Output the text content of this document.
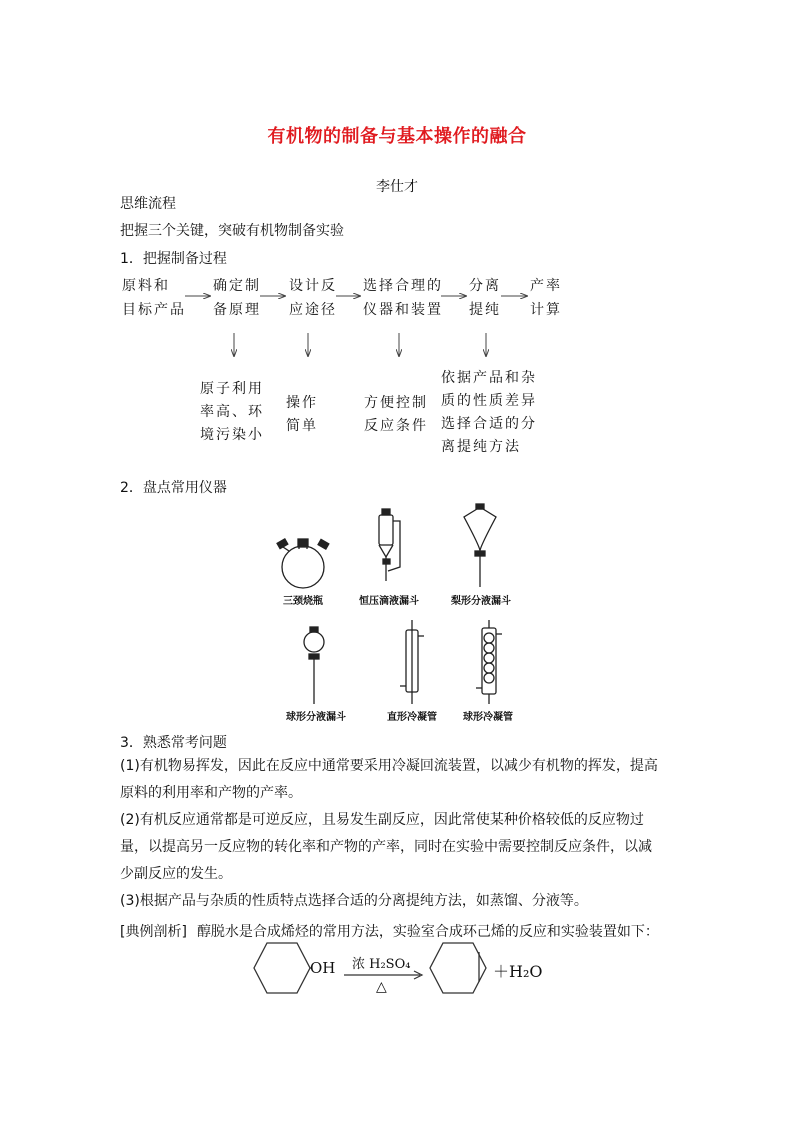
有机物的制备与基本操作的融合
李仕才
思维流程
把握三个关键，突破有机物制备实验
1．把握制备过程
原料和
目标产品
确定制
备原理
设计反
应途径
选择合理的
仪器和装置
分离
提纯
产率
计算
原子利用
率高、环
境污染小
操作
简单
方便控制
反应条件
依据产品和杂
质的性质差异
选择合适的分
离提纯方法
2．盘点常用仪器
三颈烧瓶	恒压滴液漏斗	梨形分液漏斗
球形分液漏斗	直形冷凝管	球形冷凝管
3．熟悉常考问题
(1)有机物易挥发，因此在反应中通常要采用冷凝回流装置，以减少有机物的挥发，提高原料的利用率和产物的产率。
(2)有机反应通常都是可逆反应，且易发生副反应，因此常使某种价格较低的反应物过量，以提高另一反应物的转化率和产物的产率，同时在实验中需要控制反应条件，以减少副反应的发生。
(3)根据产品与杂质的性质特点选择合适的分离提纯方法，如蒸馏、分液等。
[典例剖析] 醇脱水是合成烯烃的常用方法，实验室合成环己烯的反应和实验装置如下：
OH 浓 H₂SO₄
△
＋H₂O
